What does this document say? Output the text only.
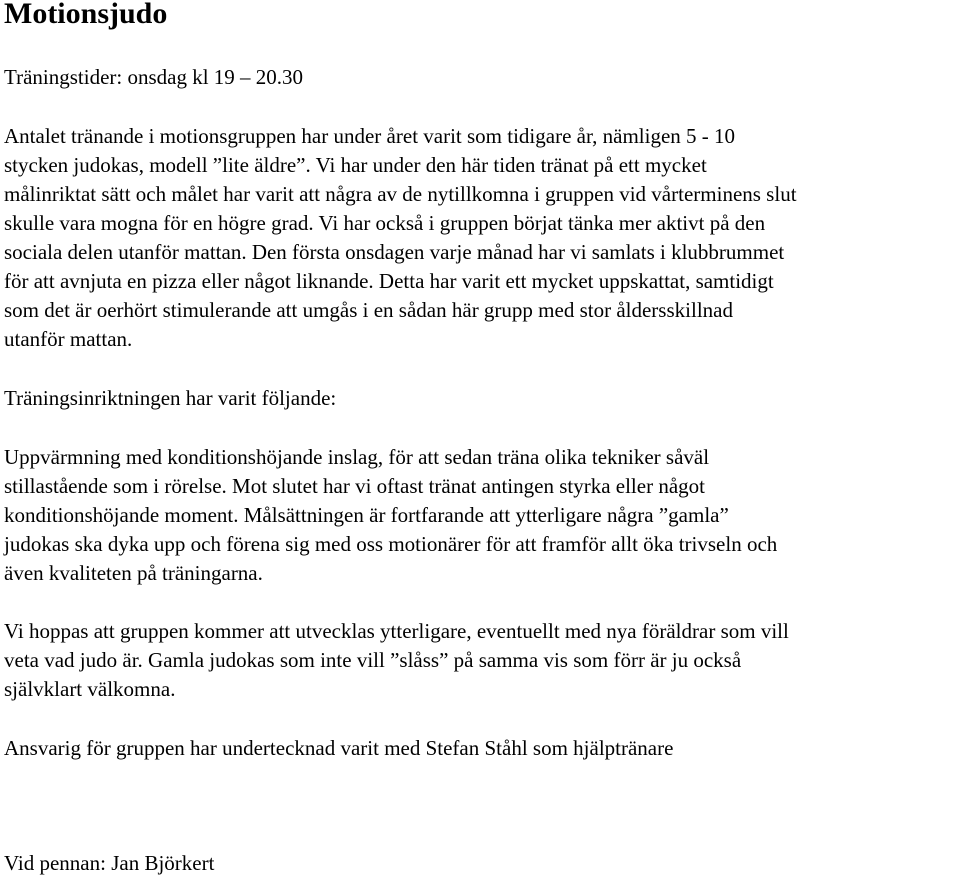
Motionsjudo
Träningstider: onsdag kl 19 – 20.30
Antalet tränande i motionsgruppen har under året varit som tidigare år, nämligen 5 - 10
stycken judokas, modell ”lite äldre”. Vi har under den här tiden tränat på ett mycket
målinriktat sätt och målet har varit att några av de nytillkomna i gruppen vid vårterminens slut
skulle vara mogna för en högre grad. Vi har också i gruppen börjat tänka mer aktivt på den
sociala delen utanför mattan. Den första onsdagen varje månad har vi samlats i klubbrummet
för att avnjuta en pizza eller något liknande. Detta har varit ett mycket uppskattat, samtidigt
som det är oerhört stimulerande att umgås i en sådan här grupp med stor åldersskillnad
utanför mattan.
Träningsinriktningen har varit följande:
Uppvärmning med konditionshöjande inslag, för att sedan träna olika tekniker såväl
stillastående som i rörelse. Mot slutet har vi oftast tränat antingen styrka eller något
konditionshöjande moment. Målsättningen är fortfarande att ytterligare några ”gamla”
judokas ska dyka upp och förena sig med oss motionärer för att framför allt öka trivseln och
även kvaliteten på träningarna.
Vi hoppas att gruppen kommer att utvecklas ytterligare, eventuellt med nya föräldrar som vill
veta vad judo är. Gamla judokas som inte vill ”slåss” på samma vis som förr är ju också
självklart välkomna.
Ansvarig för gruppen har undertecknad varit med Stefan Ståhl som hjälptränare
Vid pennan: Jan Björkert
